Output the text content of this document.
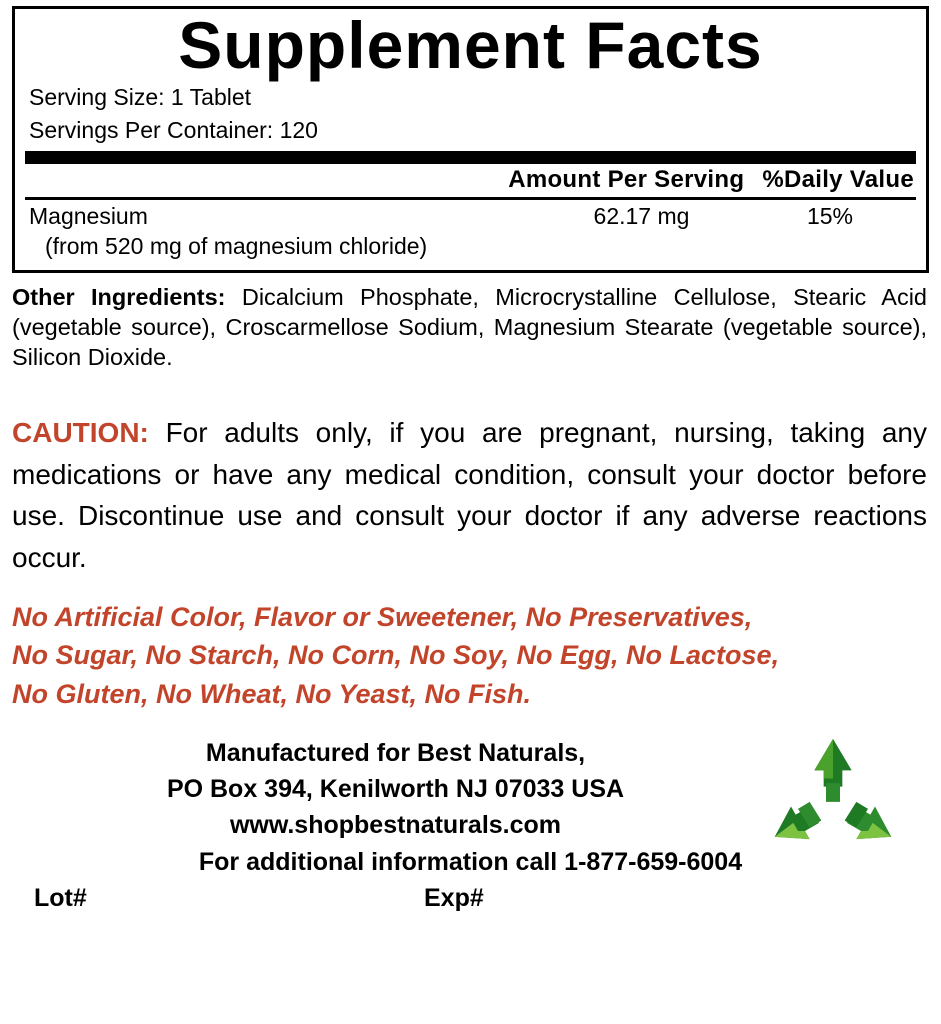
Supplement Facts
Serving Size: 1 Tablet
Servings Per Container: 120
Amount Per Serving %Daily Value
Magnesium	62.17 mg	15%
(from 520 mg of magnesium chloride)
Other Ingredients: Dicalcium Phosphate, Microcrystalline Cellulose, Stearic Acid (vegetable source), Croscarmellose Sodium, Magnesium Stearate (vegetable source), Silicon Dioxide.
CAUTION: For adults only, if you are pregnant, nursing, taking any medications or have any medical condition, consult your doctor before use. Discontinue use and consult your doctor if any adverse reactions occur.
No Artificial Color, Flavor or Sweetener, No Preservatives,
No Sugar, No Starch, No Corn, No Soy, No Egg, No Lactose,
No Gluten, No Wheat, No Yeast, No Fish.
Manufactured for Best Naturals,
PO Box 394, Kenilworth NJ 07033 USA
www.shopbestnaturals.com
For additional information call 1-877-659-6004
Lot#	Exp#
